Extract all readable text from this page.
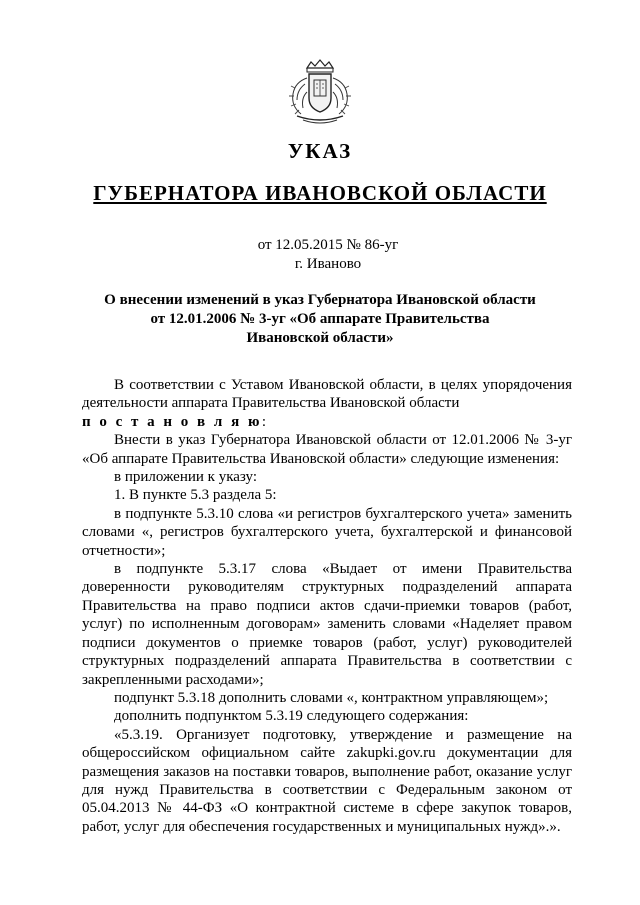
УКАЗ
ГУБЕРНАТОРА ИВАНОВСКОЙ ОБЛАСТИ
от 12.05.2015 № 86-уг
г. Иваново
О внесении изменений в указ Губернатора Ивановской области
от 12.01.2006 № 3-уг «Об аппарате Правительства
Ивановской области»

В соответствии с Уставом Ивановской области, в целях упорядочения деятельности аппарата Правительства Ивановской области

п о с т а н о в л я ю:

Внести в указ Губернатора Ивановской области от 12.01.2006 № 3-уг «Об аппарате Правительства Ивановской области» следующие изменения:

в приложении к указу:

1. В пункте 5.3 раздела 5:

в подпункте 5.3.10 слова «и регистров бухгалтерского учета» заменить словами «, регистров бухгалтерского учета, бухгалтерской и финансовой отчетности»;

в подпункте 5.3.17 слова «Выдает от имени Правительства доверенности руководителям структурных подразделений аппарата Правительства на право подписи актов сдачи-приемки товаров (работ, услуг) по исполненным договорам» заменить словами «Наделяет правом подписи документов о приемке товаров (работ, услуг) руководителей структурных подразделений аппарата Правительства в соответствии с закрепленными расходами»;

подпункт 5.3.18 дополнить словами «, контрактном управляющем»;

дополнить подпунктом 5.3.19 следующего содержания:

«5.3.19. Организует подготовку, утверждение и размещение на общероссийском официальном сайте zakupki.gov.ru документации для размещения заказов на поставки товаров, выполнение работ, оказание услуг для нужд Правительства в соответствии с Федеральным законом от 05.04.2013 № 44-ФЗ «О контрактной системе в сфере закупок товаров, работ, услуг для обеспечения государственных и муниципальных нужд».».
